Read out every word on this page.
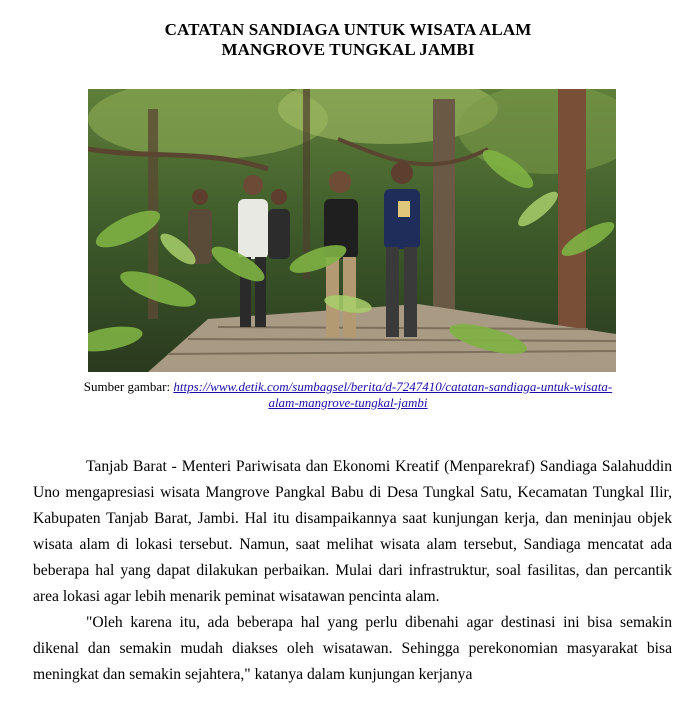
CATATAN SANDIAGA UNTUK WISATA ALAM
MANGROVE TUNGKAL JAMBI
Sumber gambar: https://www.detik.com/sumbagsel/berita/d-7247410/catatan-sandiaga-untuk-wisata-
alam-mangrove-tungkal-jambi

Tanjab Barat - Menteri Pariwisata dan Ekonomi Kreatif (Menparekraf) Sandiaga Salahuddin Uno mengapresiasi wisata Mangrove Pangkal Babu di Desa Tungkal Satu, Kecamatan Tungkal Ilir, Kabupaten Tanjab Barat, Jambi. Hal itu disampaikannya saat kunjungan kerja, dan meninjau objek wisata alam di lokasi tersebut. Namun, saat melihat wisata alam tersebut, Sandiaga mencatat ada beberapa hal yang dapat dilakukan perbaikan. Mulai dari infrastruktur, soal fasilitas, dan percantik area lokasi agar lebih menarik peminat wisatawan pencinta alam.

"Oleh karena itu, ada beberapa hal yang perlu dibenahi agar destinasi ini bisa semakin dikenal dan semakin mudah diakses oleh wisatawan. Sehingga perekonomian masyarakat bisa meningkat dan semakin sejahtera," katanya dalam kunjungan kerjanya
